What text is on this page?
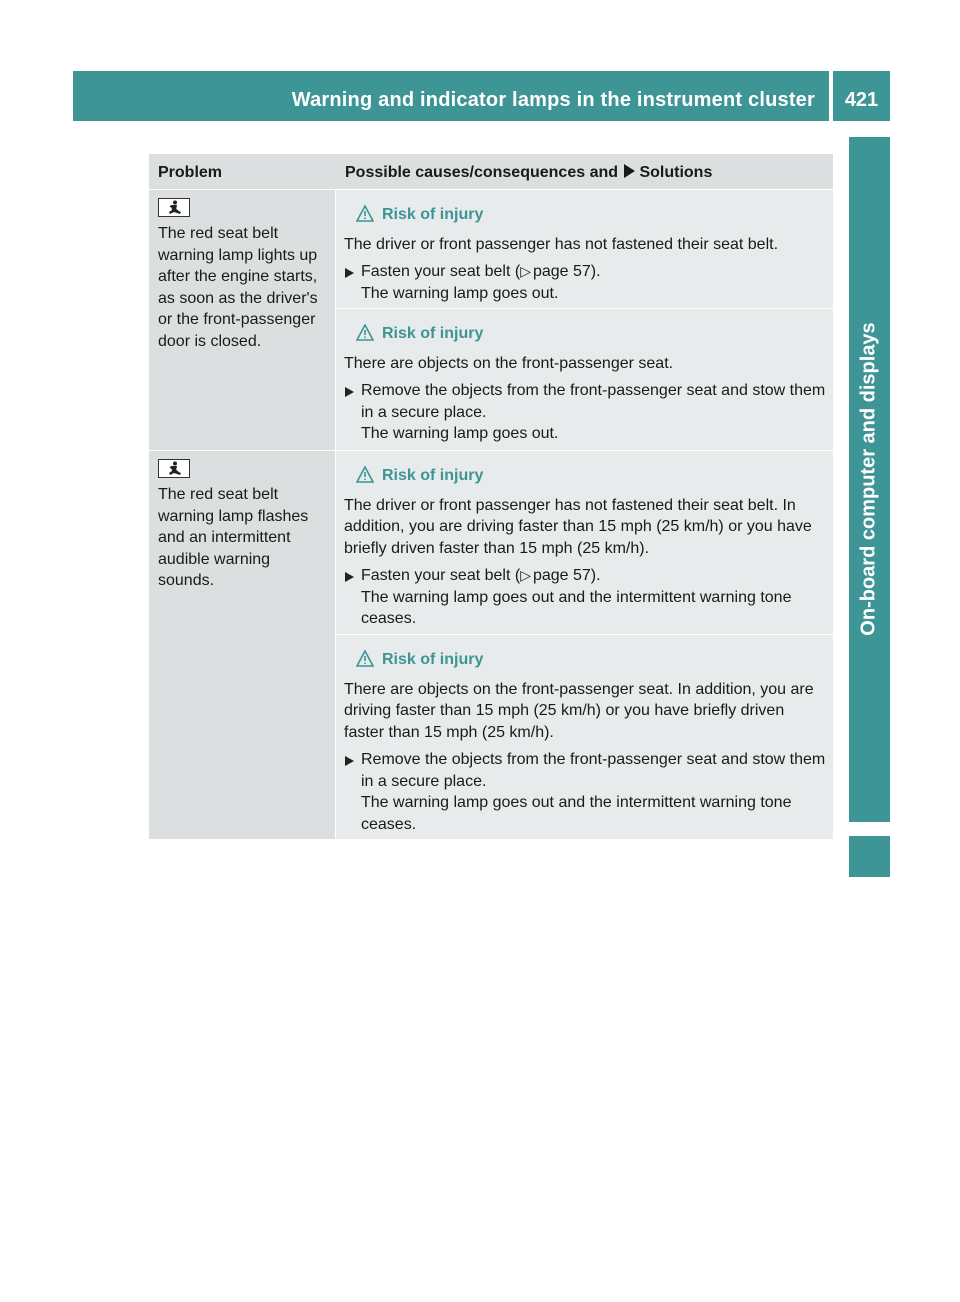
Warning and indicator lamps in the instrument cluster	421
On-board computer and displays
Problem	Possible causes/consequences and Solutions
The red seat belt warning lamp lights up after the engine starts, as soon as the driver's or the front-passenger door is closed.
Risk of injury

The driver or front passenger has not fastened their seat belt.

Fasten your seat belt (▷ page 57).
The warning lamp goes out.
Risk of injury

There are objects on the front-passenger seat.

Remove the objects from the front-passenger seat and stow them in a secure place.
The warning lamp goes out.
The red seat belt warning lamp flashes and an intermittent audible warning sounds.
Risk of injury

The driver or front passenger has not fastened their seat belt. In addition, you are driving faster than 15 mph (25 km/h) or you have briefly driven faster than 15 mph (25 km/h).

Fasten your seat belt (▷ page 57).
The warning lamp goes out and the intermittent warning tone ceases.
Risk of injury

There are objects on the front-passenger seat. In addition, you are driving faster than 15 mph (25 km/h) or you have briefly driven faster than 15 mph (25 km/h).

Remove the objects from the front-passenger seat and stow them in a secure place.
The warning lamp goes out and the intermittent warning tone ceases.
